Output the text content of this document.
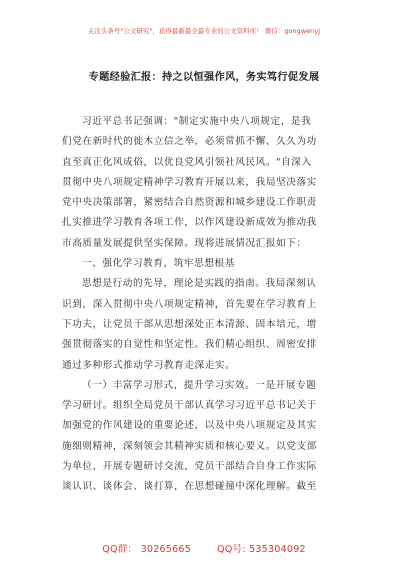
关注头条号"公文研究"，获得最新最全最专业的公文资料库！ 微信：gongwenyj
专题经验汇报：持之以恒强作风，务实笃行促发展
习近平总书记强调："制定实施中央八项规定，是我
们党在新时代的徙木立信之举，必须常抓不懈、久久为功
直至真正化风成俗，以优良党风引领社风民风。"自深入
贯彻中央八项规定精神学习教育开展以来，我局坚决落实
党中央决策部署，紧密结合自然资源和城乡建设工作职责
扎实推进学习教育各项工作，以作风建设新成效为推动我
市高质量发展提供坚实保障。现将进展情况汇报如下：
一、强化学习教育，筑牢思想根基
思想是行动的先导，理论是实践的指南。我局深刻认
识到，深入贯彻中央八项规定精神，首先要在学习教育上
下功夫，让党员干部从思想深处正本清源、固本培元，增
强贯彻落实的自觉性和坚定性。我们精心组织、周密安排
通过多种形式推动学习教育走深走实。
（一）丰富学习形式，提升学习实效。一是开展专题
学习研讨。组织全局党员干部认真学习习近平总书记关于
加强党的作风建设的重要论述，以及中央八项规定及其实
施细则精神，深刻领会其精神实质和核心要义。以党支部
为单位，开展专题研讨交流，党员干部结合自身工作实际
谈认识、谈体会、谈打算，在思想碰撞中深化理解。截至
QQ群： 30265665	QQ号: 535304092
